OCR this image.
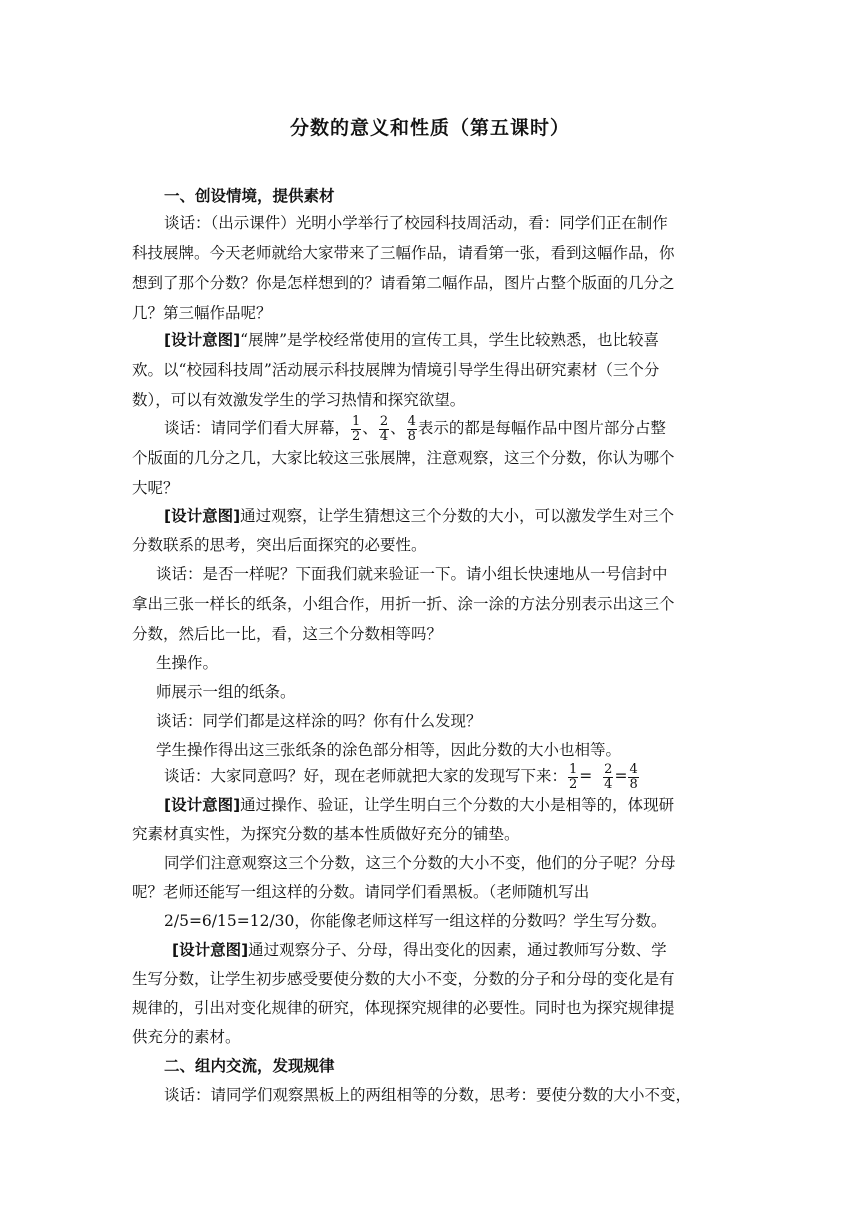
分数的意义和性质（第五课时）
一、创设情境，提供素材
谈话：（出示课件）光明小学举行了校园科技周活动，看：同学们正在制作
科技展牌。今天老师就给大家带来了三幅作品，请看第一张，看到这幅作品，你
想到了那个分数？你是怎样想到的？请看第二幅作品，图片占整个版面的几分之
几？第三幅作品呢？
[设计意图]“展牌”是学校经常使用的宣传工具，学生比较熟悉，也比较喜
欢。以“校园科技周”活动展示科技展牌为情境引导学生得出研究素材（三个分
数），可以有效激发学生的学习热情和探究欲望。
谈话：请同学们看大屏幕， $\frac{1}{2}$ 、 $\frac{2}{4}$ 、 $\frac{4}{8}$ 表示的都是每幅作品中图片部分占整
个版面的几分之几，大家比较这三张展牌，注意观察，这三个分数，你认为哪个
大呢？
[设计意图]通过观察，让学生猜想这三个分数的大小，可以激发学生对三个
分数联系的思考，突出后面探究的必要性。
谈话：是否一样呢？下面我们就来验证一下。请小组长快速地从一号信封中
拿出三张一样长的纸条，小组合作，用折一折、涂一涂的方法分别表示出这三个
分数，然后比一比，看，这三个分数相等吗？
生操作。
师展示一组的纸条。
谈话：同学们都是这样涂的吗？你有什么发现？
学生操作得出这三张纸条的涂色部分相等，因此分数的大小也相等。
谈话：大家同意吗？好，现在老师就把大家的发现写下来： $\frac{1}{2} = \frac{2}{4} = \frac{4}{8}$
[设计意图]通过操作、验证，让学生明白三个分数的大小是相等的，体现研
究素材真实性，为探究分数的基本性质做好充分的铺垫。
同学们注意观察这三个分数，这三个分数的大小不变，他们的分子呢？分母
呢？老师还能写一组这样的分数。请同学们看黑板。（老师随机写出
2/5=6/15=12/30，你能像老师这样写一组这样的分数吗？学生写分数。
[设计意图]通过观察分子、分母，得出变化的因素，通过教师写分数、学
生写分数，让学生初步感受要使分数的大小不变，分数的分子和分母的变化是有
规律的，引出对变化规律的研究，体现探究规律的必要性。同时也为探究规律提
供充分的素材。
二、组内交流，发现规律
谈话：请同学们观察黑板上的两组相等的分数，思考：要使分数的大小不变，
